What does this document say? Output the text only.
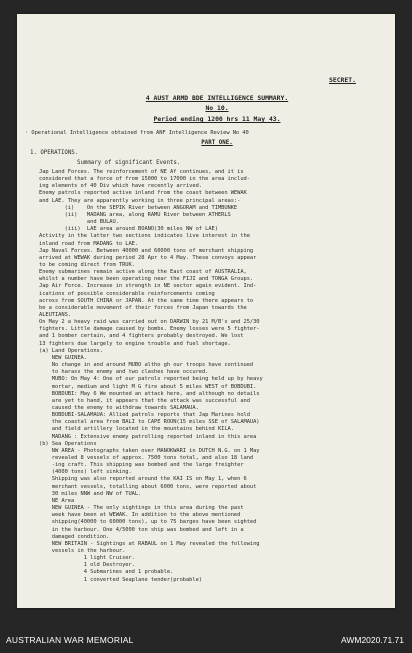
SECRET.
4 AUST ARMD BDE INTELLIGENCE SUMMARY.
No 10.
Period ending 1200 hrs 11 May 43.
· Operational Intelligence obtained from ANF Intelligence Review No 40
PART ONE.
1. OPERATIONS.
Summary of significant Events.
Jap Land Forces. The reinforcement of NE Af continues, and it is
considered that a force of from 15000 to 17000 in the area includ-
ing elements of 40 Div which have recently arrived.
Enemy patrols reported active inland from the coast between WEWAK
and LAE. They are apparently working in three principal areas:-
(i)    On the SEPIK River between ANGORAM and TIMBUNKE
(ii)   MADANG area, along RAMU River between ATHERLS
and BULAU.
(iii)  LAE area around BOANO(30 miles NW of LAE)
Activity in the latter two sections indicates live interest in the
inland road from MADANG to LAE.
Jap Naval Forces. Between 40000 and 60000 tons of merchant shipping
arrived at WEWAK during period 28 Apr to 4 May. These convoys appear
to be coming direct from TRUK.
Enemy submarines remain active along the East coast of AUSTRALIA,
whilst a number have been operating near the FIJI and TONGA Groups.
Jap Air Force. Increase in strength in NE sector again evident. Ind-
ications of possible considerable reinforcements coming
across from SOUTH CHINA or JAPAN. At the same time there appears to
be a considerable movement of their forces from Japan towards the
ALEUTIANS.
On May 2 a heavy raid was carried out on DARWIN by 21 M/B's and 25/30
fighters. Little damage caused by bombs. Enemy losses were 5 fighter-
and 1 bomber certain, and 4 fighters probably destroyed. We lost
13 fighters due largely to engine trouble and fuel shortage.
(a) Land Operations.
NEW GUINEA.
No change in and around MUBO altho gh our troops have continued
to harass the enemy and two clashes have occured.
MUBO: On May 4: One of our patrols reported being held up by heavy
mortar, medium and light M G fire about 5 miles WEST of BOBDUBI.
BOBDUBI: May 6 We mounted an attack here, and although no details
are yet to hand, it appears that the attack was successful and
caused the enemy to withdraw towards SALAMAUA.
BOBDUBI-SALAMAUA: Allied patrols reports that Jap Marines hold
the coastal area from BALI to CAPE ROON(15 miles SSE of SALAMAUA)
and field artillery located in the mountains behind KILA.
MADANG : Extensive enemy patrolling reported inland in this area
(b) Sea Operations
NW AREA - Photographs taken over MANOKWARI in DUTCH N.G. on 1 May
revealed 8 vessels of approx. 7500 tons total, and also 18 land
-ing craft. This shipping was bombed and the large freighter
(4000 tons) left sinking.
Shipping was also reported around the KAI IS on May 1, when 6
merchant vessels, totalling about 6000 tons, were reported about
30 miles NNW and NW of TUAL.
NE Area
NEW GUINEA - The only sightings in this area during the past
week have been at WEWAK. In addition to the above mentioned
shipping(40000 to 60000 tons), up to 75 barges have been sighted
in the harbour. One 4/5000 ton ship was bombed and left in a
damaged condition.
NEW BRITAIN - Sightings at RABAUL on 1 May revealed the following
vessels in the harbour.
1 light Cruiser.
1 old Destroyer.
4 Submarines and 1 probable.
1 converted Seaplane tender(probable)
AUSTRALIAN WAR MEMORIAL	AWM2020.71.71
